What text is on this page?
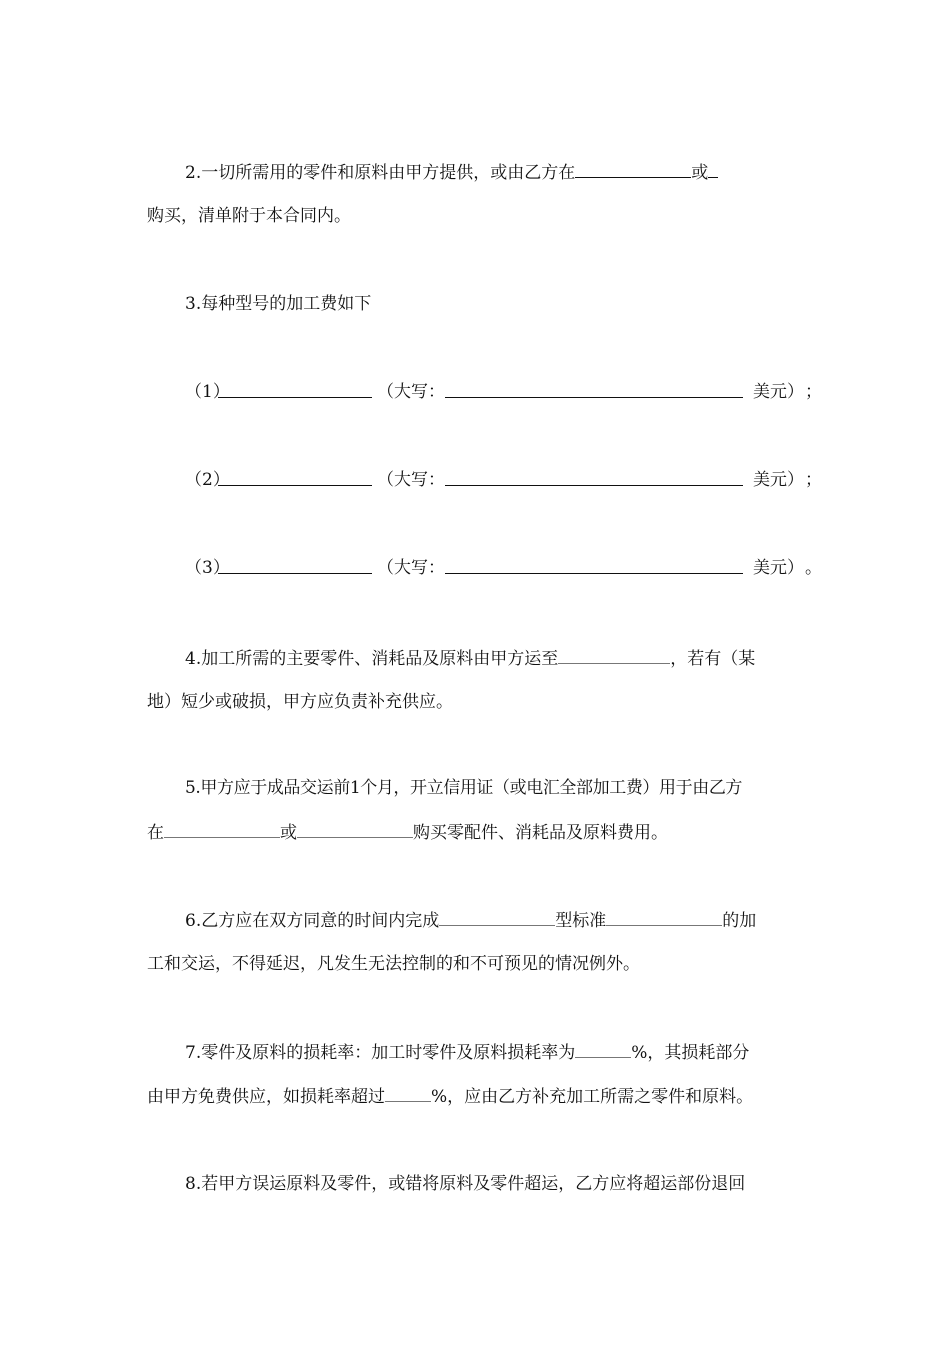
2.一切所需用的零件和原料由甲方提供，或由乙方在	或
购买，清单附于本合同内。
3.每种型号的加工费如下
（1）	（大写：	美元） ；
（2）	（大写：	美元） ；
（3）	（大写：	美元） 。
4.加工所需的主要零件、消耗品及原料由甲方运至	，若有（某
地）短少或破损，甲方应负责补充供应。
5.甲方应于成品交运前1个月，开立信用证（或电汇全部加工费）用于由乙方
在	或	购买零配件、消耗品及原料费用。
6.乙方应在双方同意的时间内完成	型标准	的加
工和交运，不得延迟，凡发生无法控制的和不可预见的情况例外。
7.零件及原料的损耗率：加工时零件及原料损耗率为	%，其损耗部分
由甲方免费供应，如损耗率超过	%，应由乙方补充加工所需之零件和原料。
8.若甲方误运原料及零件，或错将原料及零件超运，乙方应将超运部份退回
